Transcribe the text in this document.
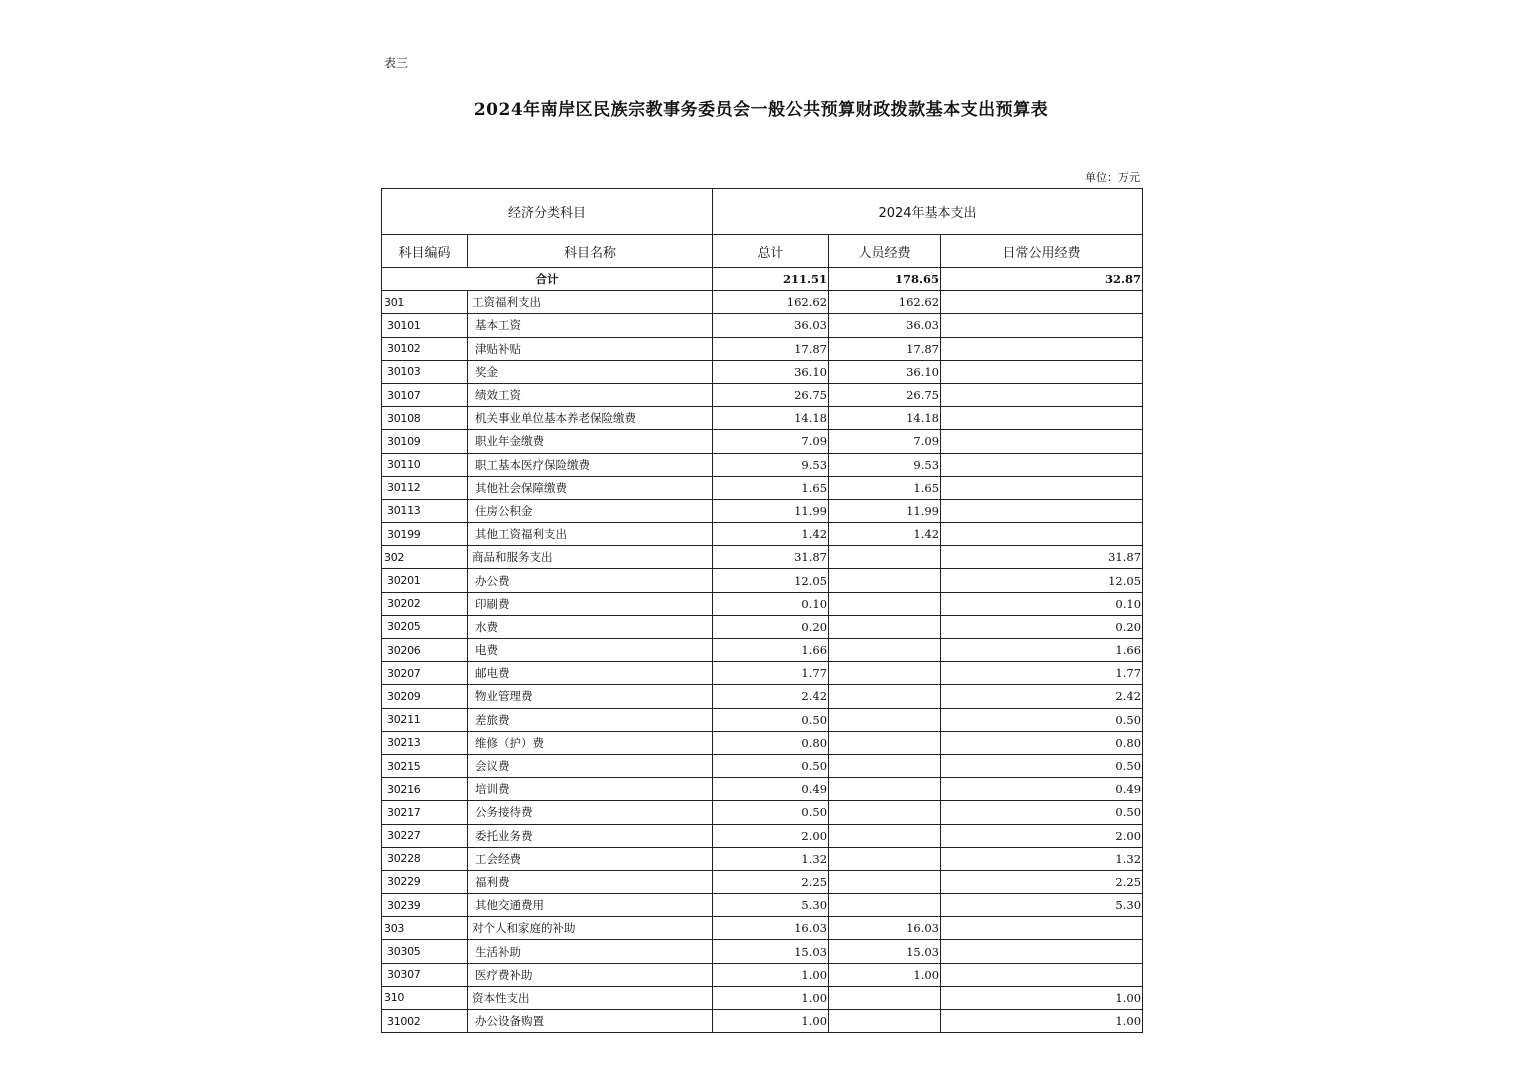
表三
2024年南岸区民族宗教事务委员会一般公共预算财政拨款基本支出预算表
单位：万元
经济分类科目		2024年基本支出		
科目编码	科目名称	总计	人员经费	日常公用经费
合计		211.51	178.65	32.87
301	工资福利支出	162.62	162.62	
30101	基本工资	36.03	36.03	
30102	津贴补贴	17.87	17.87	
30103	奖金	36.10	36.10	
30107	绩效工资	26.75	26.75	
30108	机关事业单位基本养老保险缴费	14.18	14.18	
30109	职业年金缴费	7.09	7.09	
30110	职工基本医疗保险缴费	9.53	9.53	
30112	其他社会保障缴费	1.65	1.65	
30113	住房公积金	11.99	11.99	
30199	其他工资福利支出	1.42	1.42	
302	商品和服务支出	31.87		31.87
30201	办公费	12.05		12.05
30202	印刷费	0.10		0.10
30205	水费	0.20		0.20
30206	电费	1.66		1.66
30207	邮电费	1.77		1.77
30209	物业管理费	2.42		2.42
30211	差旅费	0.50		0.50
30213	维修（护）费	0.80		0.80
30215	会议费	0.50		0.50
30216	培训费	0.49		0.49
30217	公务接待费	0.50		0.50
30227	委托业务费	2.00		2.00
30228	工会经费	1.32		1.32
30229	福利费	2.25		2.25
30239	其他交通费用	5.30		5.30
303	对个人和家庭的补助	16.03	16.03	
30305	生活补助	15.03	15.03	
30307	医疗费补助	1.00	1.00	
310	资本性支出	1.00		1.00
31002	办公设备购置	1.00		1.00
